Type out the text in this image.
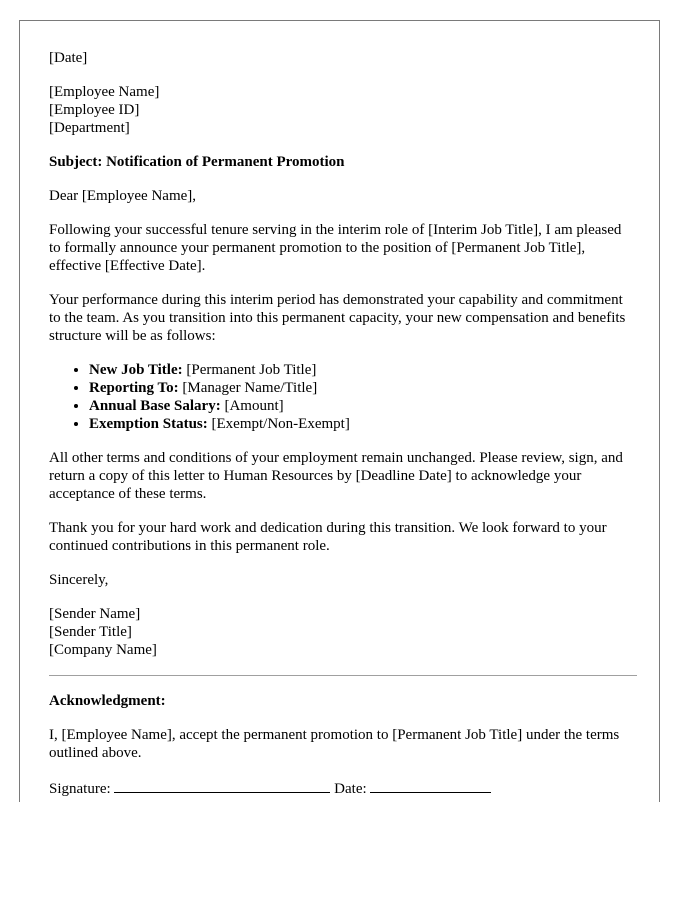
[Date]

[Employee Name]
[Employee ID]
[Department]

Subject: Notification of Permanent Promotion

Dear [Employee Name],

Following your successful tenure serving in the interim role of [Interim Job Title], I am pleased to formally announce your permanent promotion to the position of [Permanent Job Title], effective [Effective Date].

Your performance during this interim period has demonstrated your capability and commitment to the team. As you transition into this permanent capacity, your new compensation and benefits structure will be as follows:

• New Job Title: [Permanent Job Title]
• Reporting To: [Manager Name/Title]
• Annual Base Salary: [Amount]
• Exemption Status: [Exempt/Non-Exempt]

All other terms and conditions of your employment remain unchanged. Please review, sign, and return a copy of this letter to Human Resources by [Deadline Date] to acknowledge your acceptance of these terms.

Thank you for your hard work and dedication during this transition. We look forward to your continued contributions in this permanent role.

Sincerely,

[Sender Name]
[Sender Title]
[Company Name]

Acknowledgment:

I, [Employee Name], accept the permanent promotion to [Permanent Job Title] under the terms outlined above.

Signature:	Date:
